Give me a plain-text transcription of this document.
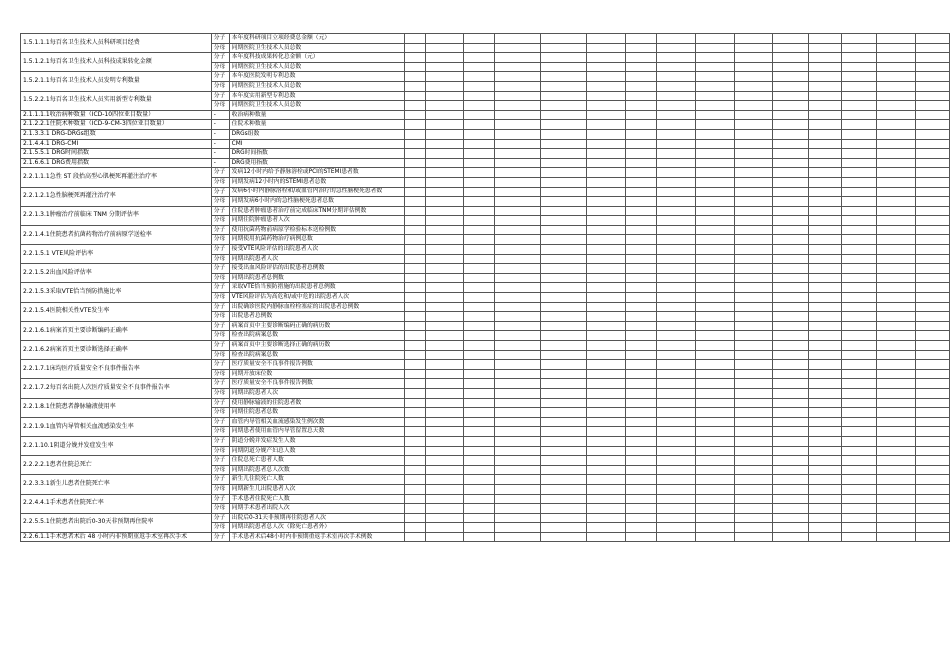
1.5.1.1.1每百名卫生技术人员科研项目经费	分子	本年度科研项目立项经费总金额（元）															
	分母	同期医院卫生技术人员总数															
1.5.1.2.1每百名卫生技术人员科技成果转化金额	分子	本年度科技成果转化总金额（元）															
	分母	同期医院卫生技术人员总数															
1.5.2.1.1每百名卫生技术人员发明专利数量	分子	本年度医院发明专利总数															
	分母	同期医院卫生技术人员总数															
1.5.2.2.1每百名卫生技术人员实用新型专利数量	分子	本年度实用新型专利总数															
	分母	同期医院卫生技术人员总数															
2.1.1.1.1收治病种数量（ICD-10四位亚目数量）	-	收治病种数量															
2.1.2.2.1住院术种数量（ICD-9-CM-3四位亚目数量）	-	住院术种数量															
2.1.3.3.1 DRG-DRGs组数	-	DRGs组数															
2.1.4.4.1 DRG-CMI	-	CMI															
2.1.5.5.1 DRG时间指数	-	DRG时间指数															
2.1.6.6.1 DRG费用指数	-	DRG费用指数															
2.2.1.1.1急性 ST 段抬高型心肌梗死再灌注治疗率	分子	发病12小时内给予静脉溶栓或PCI的STEMI患者数															
	分母	同期发病12小时内的STEMI患者总数															
2.2.1.2.1急性脑梗死再灌注治疗率	分子	发病6小时内静脉溶栓和/或血管内治疗的急性脑梗死患者数															
	分母	同期发病6小时内的急性脑梗死患者总数															
2.2.1.3.1肿瘤治疗前临床 TNM 分期评估率	分子	住院患者肿瘤患者治疗前完成临床TNM分期评估例数															
	分母	同期住院肿瘤患者人次															
2.2.1.4.1住院患者抗菌药物治疗前病原学送检率	分子	使用抗菌药物前病原学检验标本送检例数															
	分母	同期使用抗菌药物治疗病例总数															
2.2.1.5.1 VTE风险评估率	分子	接受VTE风险评估的出院患者人次															
	分母	同期出院患者人次															
2.2.1.5.2出血风险评估率	分子	接受出血风险评估的出院患者总例数															
	分母	同期出院患者总例数															
2.2.1.5.3采取VTE恰当预防措施比率	分子	采取VTE恰当预防措施的出院患者总例数															
	分母	VTE风险评估为高危和/或中危的出院患者人次															
2.2.1.5.4医院相关性VTE发生率	分子	出院确诊医院内静脉血栓栓塞症的出院患者总例数															
	分母	出院患者总例数															
2.2.1.6.1病案首页主要诊断编码正确率	分子	病案首页中主要诊断编码正确的病历数															
	分母	检查出院病案总数															
2.2.1.6.2病案首页主要诊断选择正确率	分子	病案首页中主要诊断选择正确的病历数															
	分母	检查出院病案总数															
2.2.1.7.1床均医疗质量安全不良事件报告率	分子	医疗质量安全不良事件报告例数															
	分母	同期开放床位数															
2.2.1.7.2每百名出院人次医疗质量安全不良事件报告率	分子	医疗质量安全不良事件报告例数															
	分母	同期出院患者人次															
2.2.1.8.1住院患者静脉输液使用率	分子	使用静脉输液的住院患者数															
	分母	同期住院患者总数															
2.2.1.9.1血管内导管相关血流感染发生率	分子	血管内导管相关血流感染发生例次数															
	分母	同期患者使用血管内导管留置总天数															
2.2.1.10.1阴道分娩并发症发生率	分子	阴道分娩并发症发生人数															
	分母	同期阴道分娩产妇总人数															
2.2.2.2.1患者住院总死亡	分子	住院总死亡患者人数															
	分母	同期出院患者总人次数															
2.2.3.3.1新生儿患者住院死亡率	分子	新生儿住院死亡人数															
	分母	同期新生儿出院患者人次															
2.2.4.4.1手术患者住院死亡率	分子	手术患者住院死亡人数															
	分母	同期手术患者出院人次															
2.2.5.5.1住院患者出院后0-30天非预期再住院率	分子	出院后0-31天非预期再住院患者人次															
	分母	同期出院患者总人次（除死亡患者外）															
2.2.6.1.1手术患者术后 48 小时内非预期重返手术室再次手术	分子	手术患者术后48小时内非预期重返手术室再次手术例数															
